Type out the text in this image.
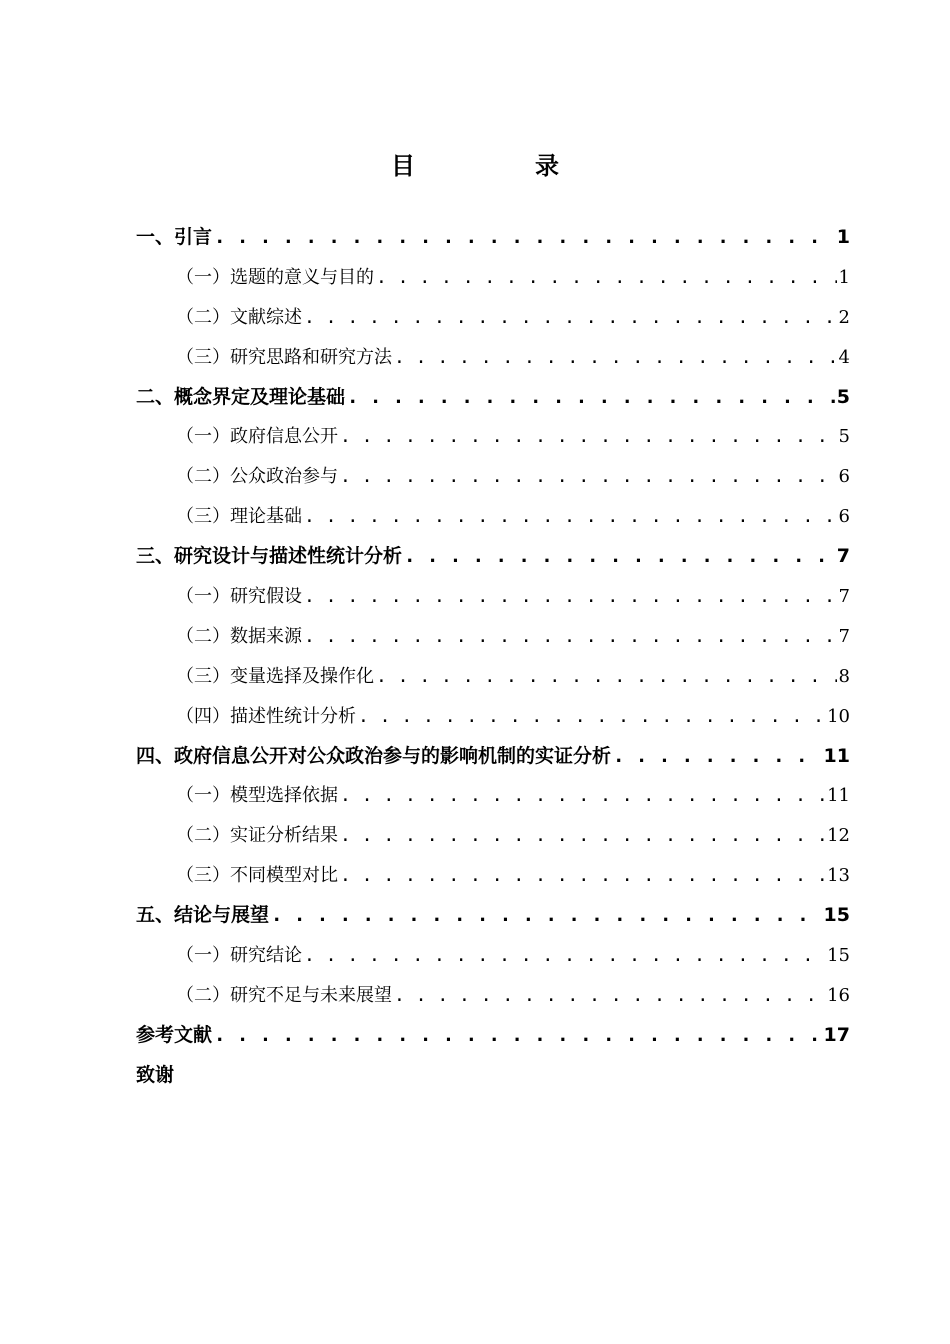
目　录
一、引言 . . .	1
（一）选题的意义与目的 . . .	1
（二）文献综述 . . .	2
（三）研究思路和研究方法 . . .	4
二、概念界定及理论基础 . . .	5
（一）政府信息公开 . . .	5
（二）公众政治参与 . . .	6
（三）理论基础 . . .	6
三、研究设计与描述性统计分析 . . .	7
（一）研究假设 . . .	7
（二）数据来源 . . .	7
（三）变量选择及操作化 . . .	8
（四）描述性统计分析 . . .	10
四、政府信息公开对公众政治参与的影响机制的实证分析 . . .	11
（一）模型选择依据 . . .	11
（二）实证分析结果 . . .	12
（三）不同模型对比 . . .	13
五、结论与展望 . . .	15
（一）研究结论 . . .	15
（二）研究不足与未来展望 . . .	16
参考文献 . . .	17
致谢
